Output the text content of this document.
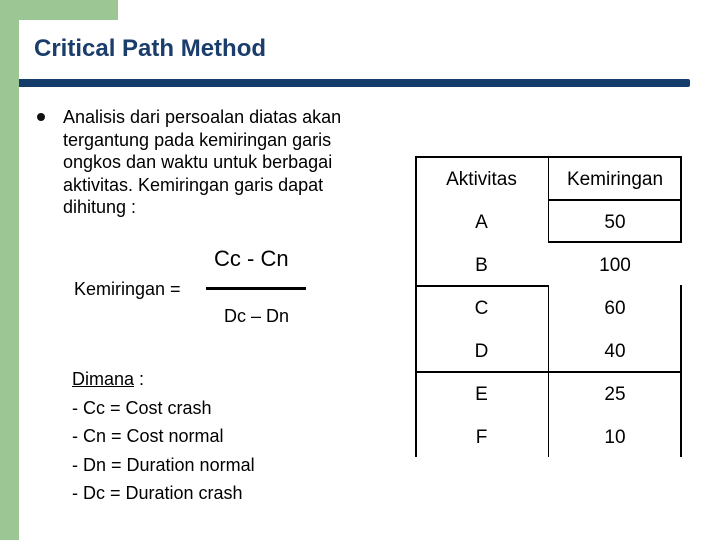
Critical Path Method
Analisis dari persoalan diatas akan tergantung pada kemiringan garis ongkos dan waktu untuk berbagai aktivitas. Kemiringan garis dapat dihitung :
Kemiringan =
Cc - Cn
Dc – Dn
Dimana :
- Cc = Cost crash
- Cn = Cost normal
- Dn = Duration normal
- Dc = Duration crash
Aktivitas	Kemiringan
A	50
B	100
C	60
D	40
E	25
F	10
